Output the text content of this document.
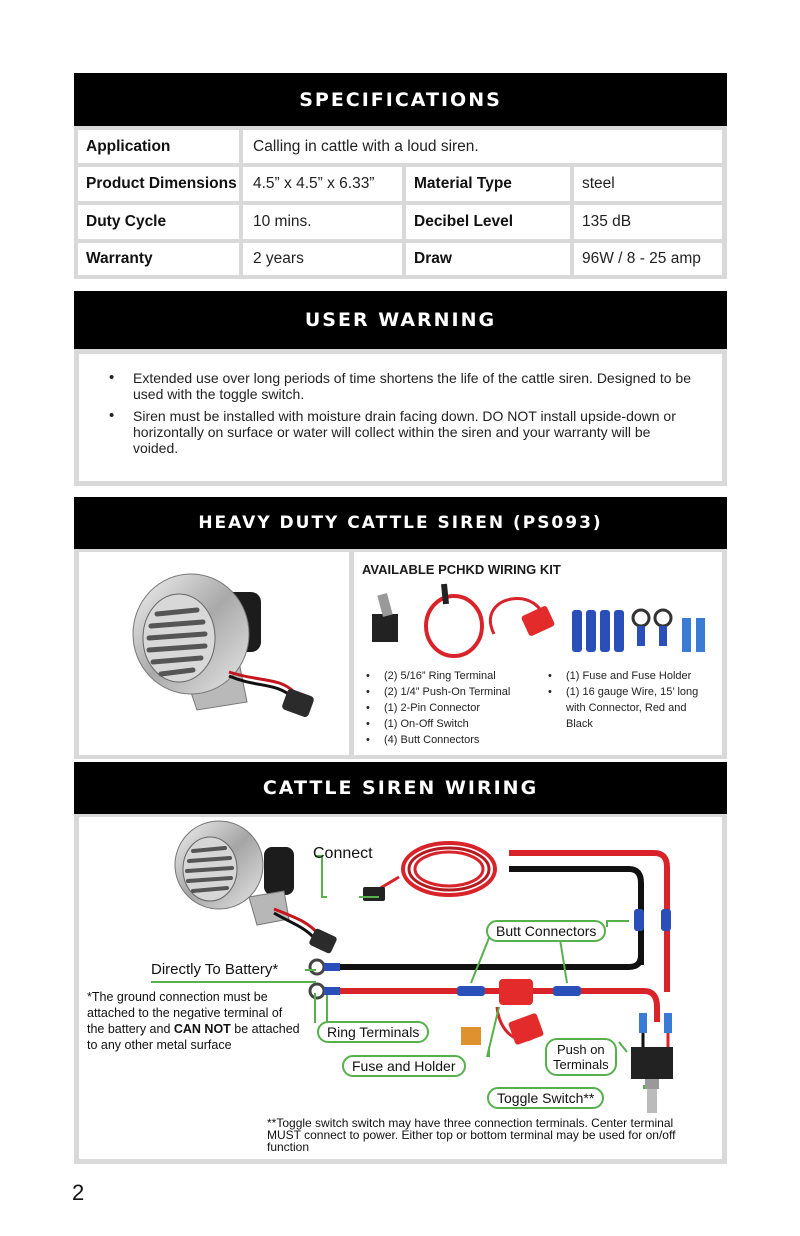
SPECIFICATIONS
Application	Calling in cattle with a loud siren.
Product Dimensions	4.5” x 4.5” x 6.33”	Material Type	steel
Duty Cycle	10 mins.	Decibel Level	135 dB
Warranty	2 years	Draw	96W / 8 - 25 amp
USER WARNING
• Extended use over long periods of time shortens the life of the cattle siren. Designed to be used with the toggle switch.
• Siren must be installed with moisture drain facing down. DO NOT install upside-down or horizontally on surface or water will collect within the siren and your warranty will be voided.
HEAVY DUTY CATTLE SIREN (PS093)
AVAILABLE PCHKD WIRING KIT
• (2) 5/16” Ring Terminal
• (2) 1/4” Push-On Terminal
• (1) 2-Pin Connector
• (1) On-Off Switch
• (4) Butt Connectors
• (1) Fuse and Fuse Holder
• (1) 16 gauge Wire, 15’ long with Connector, Red and Black
CATTLE SIREN WIRING
Connect
Directly To Battery*
Butt Connectors
Ring Terminals
Fuse and Holder
Push on
Terminals
Toggle Switch**
*The ground connection must be attached to the negative terminal of the battery and CAN NOT be attached to any other metal surface
**Toggle switch switch may have three connection terminals. Center terminal MUST connect to power. Either top or bottom terminal may be used for on/off function
2
